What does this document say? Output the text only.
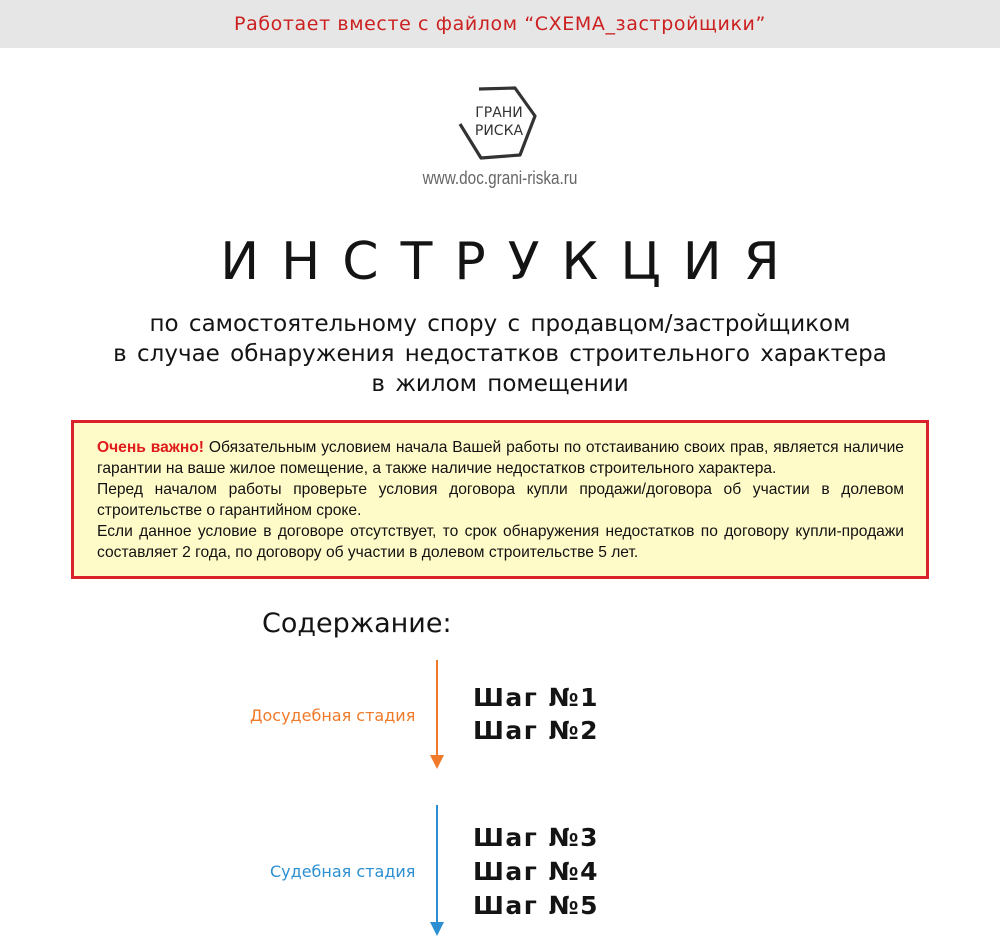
Работает вместе с файлом “СХЕМА_застройщики”
ГРАНИ
РИСКА
www.doc.grani-riska.ru
ИНСТРУКЦИЯ
по самостоятельному спору с продавцом/застройщиком
в случае обнаружения недостатков строительного характера
в жилом помещении

Очень важно! Обязательным условием начала Вашей работы по отстаиванию своих прав, является наличие гарантии на ваше жилое помещение, а также наличие недостатков строительного характера.

Перед началом работы проверьте условия договора купли продажи/договора об участии в долевом строительстве о гарантийном сроке.

Если данное условие в договоре отсутствует, то срок обнаружения недостатков по договору купли-продажи составляет 2 года, по договору об участии в долевом строительстве 5 лет.

Содержание:
Досудебная стадия
Шаг №1
Шаг №2
Судебная стадия
Шаг №3
Шаг №4
Шаг №5
